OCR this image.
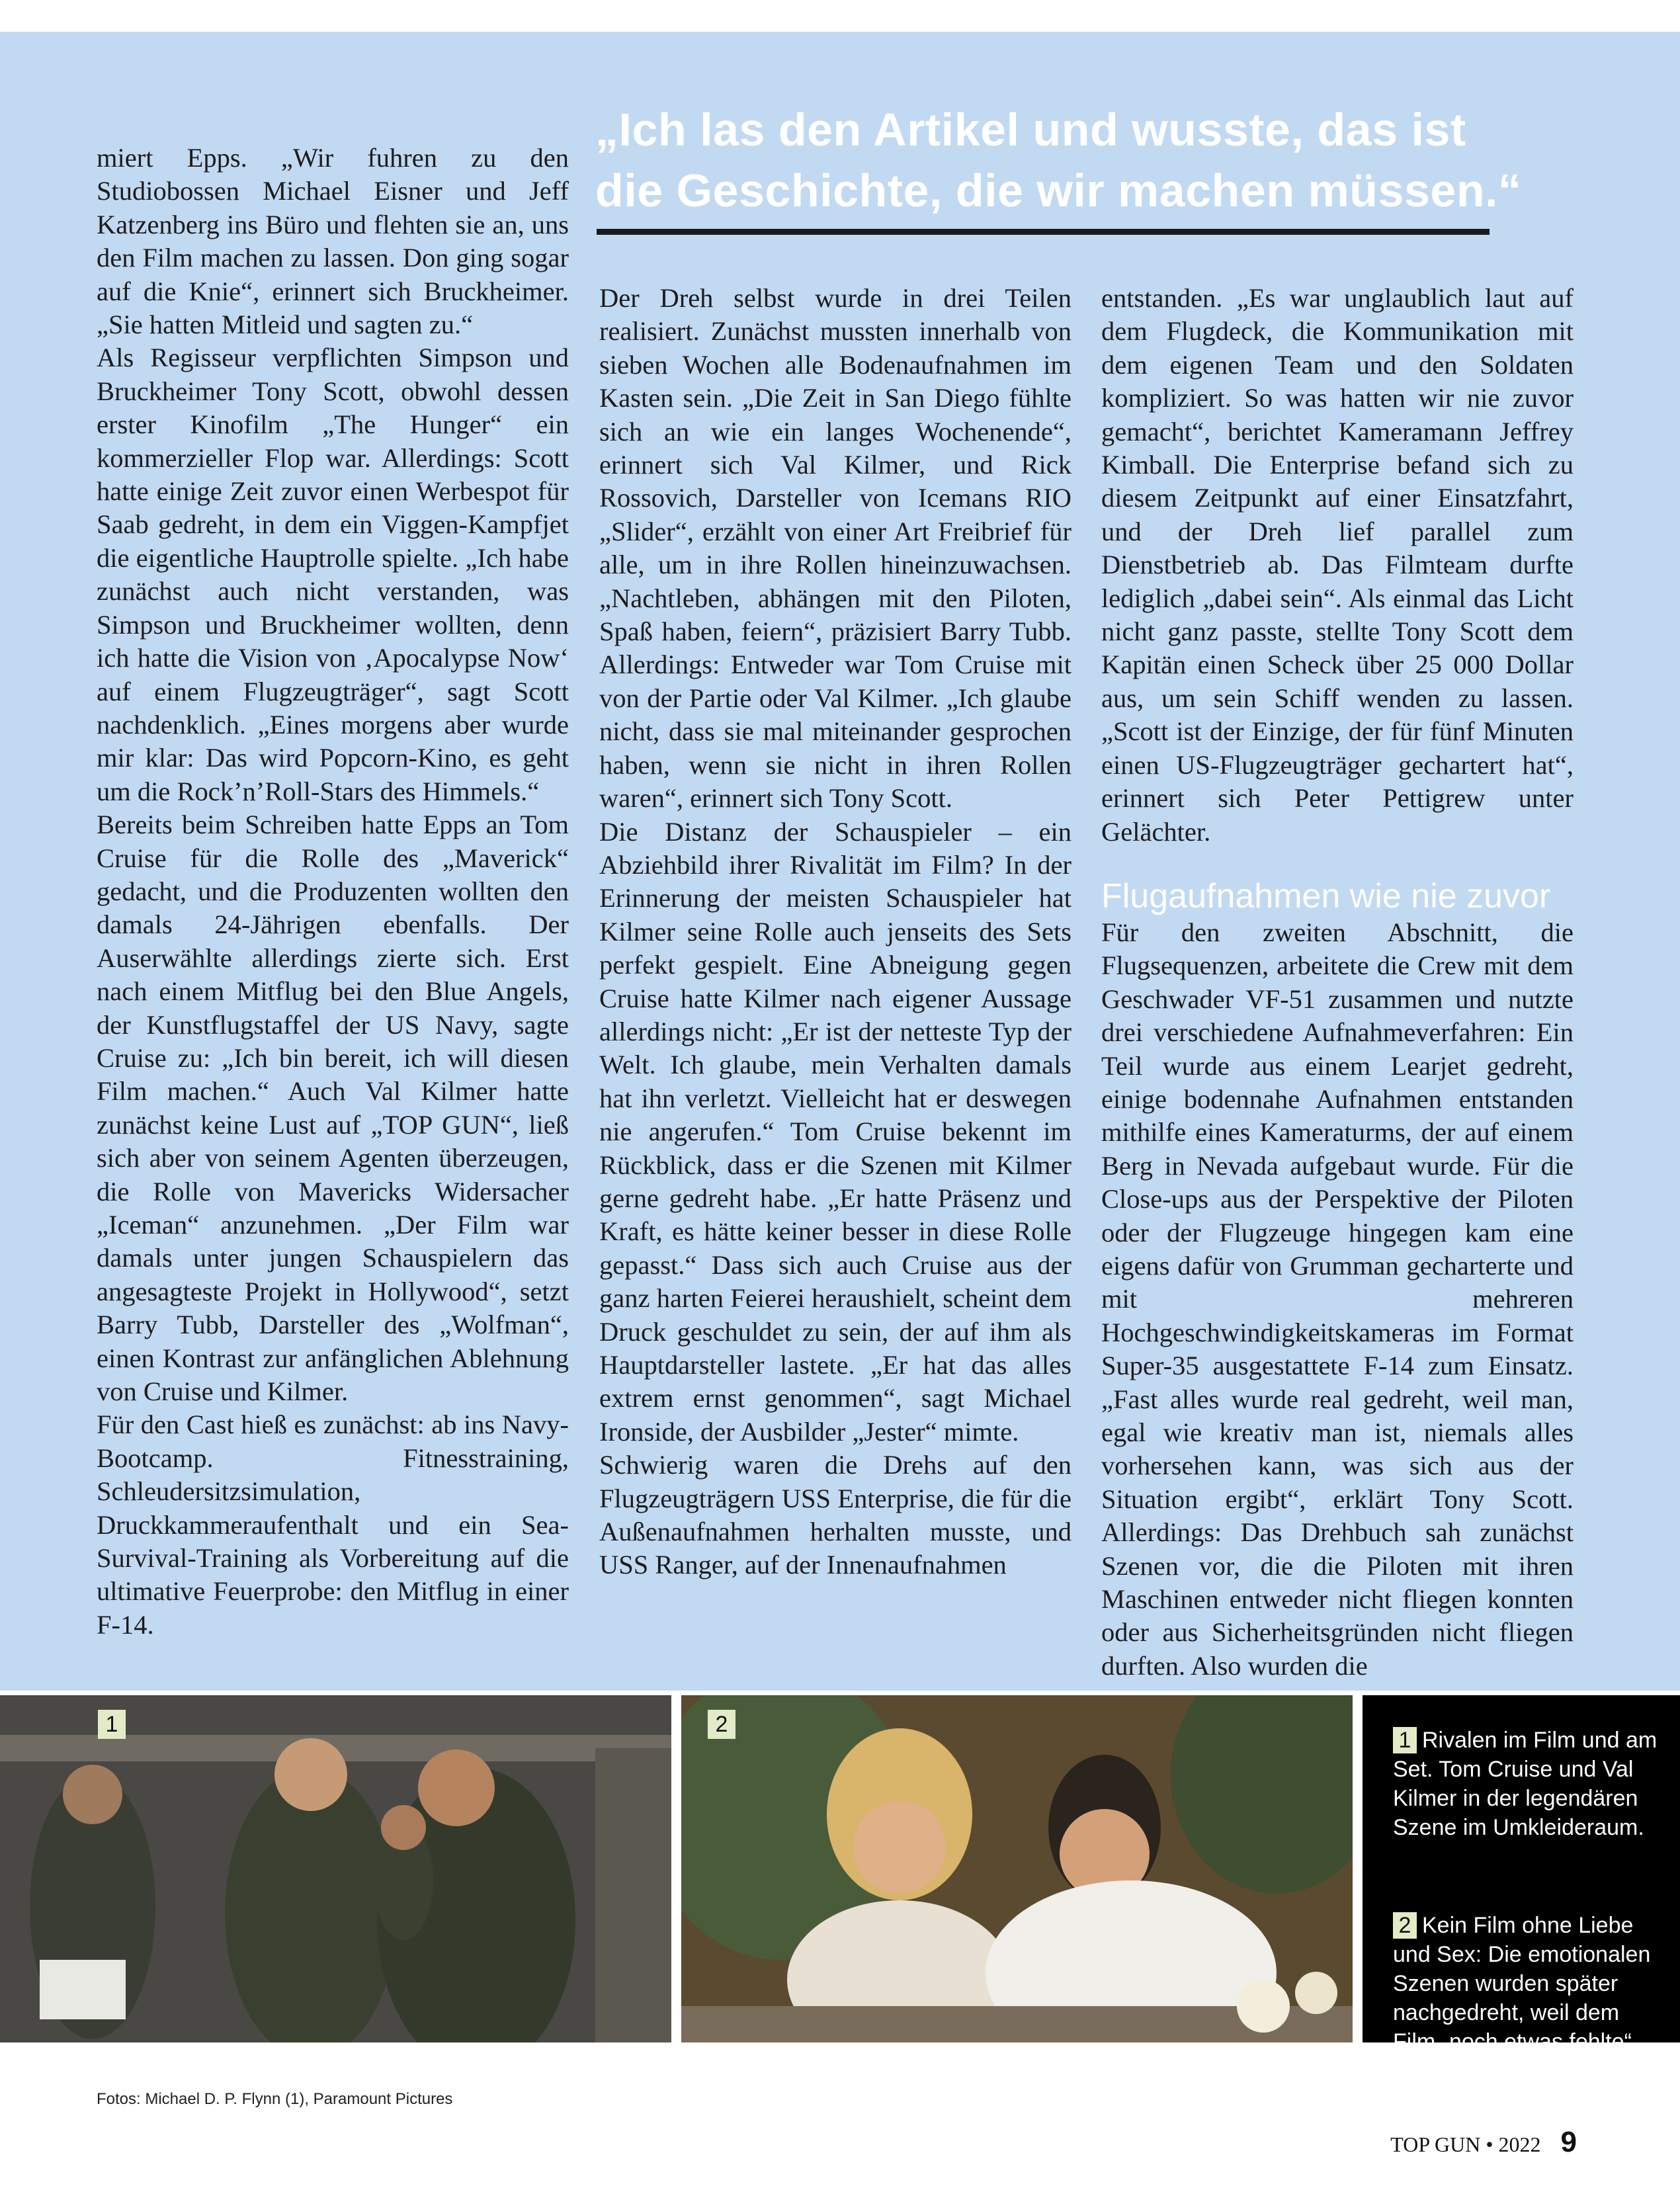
„Ich las den Artikel und wusste, das ist
die Geschichte, die wir machen müssen.“

miert Epps. „Wir fuhren zu den Studiobossen Michael Eisner und Jeff Katzenberg ins Büro und flehten sie an, uns den Film machen zu lassen. Don ging sogar auf die Knie“, erinnert sich Bruckheimer. „Sie hatten Mitleid und sagten zu.“

Als Regisseur verpflichten Simpson und Bruckheimer Tony Scott, obwohl dessen erster Kinofilm „The Hunger“ ein kommerzieller Flop war. Allerdings: Scott hatte einige Zeit zuvor einen Werbespot für Saab gedreht, in dem ein Viggen-Kampfjet die eigentliche Hauptrolle spielte. „Ich habe zunächst auch nicht verstanden, was Simpson und Bruckheimer wollten, denn ich hatte die Vision von ‚Apocalypse Now‘ auf einem Flugzeugträger“, sagt Scott nachdenklich. „Eines morgens aber wurde mir klar: Das wird Popcorn-Kino, es geht um die Rock’n’Roll-Stars des Himmels.“

Bereits beim Schreiben hatte Epps an Tom Cruise für die Rolle des „Maverick“ gedacht, und die Produzenten wollten den damals 24-Jährigen ebenfalls. Der Auserwählte allerdings zierte sich. Erst nach einem Mitflug bei den Blue Angels, der Kunstflugstaffel der US Navy, sagte Cruise zu: „Ich bin bereit, ich will diesen Film machen.“ Auch Val Kilmer hatte zunächst keine Lust auf „TOP GUN“, ließ sich aber von seinem Agenten überzeugen, die Rolle von Mavericks Widersacher „Iceman“ anzunehmen. „Der Film war damals unter jungen Schauspielern das angesagteste Projekt in Hollywood“, setzt Barry Tubb, Darsteller des „Wolfman“, einen Kontrast zur anfänglichen Ablehnung von Cruise und Kilmer.

Für den Cast hieß es zunächst: ab ins Navy-Bootcamp. Fitnesstraining, Schleudersitzsimulation, Druckkammeraufenthalt und ein Sea-Survival-Training als Vorbereitung auf die ultimative Feuerprobe: den Mitflug in einer F-14.

Der Dreh selbst wurde in drei Teilen realisiert. Zunächst mussten innerhalb von sieben Wochen alle Bodenaufnahmen im Kasten sein. „Die Zeit in San Diego fühlte sich an wie ein langes Wochenende“, erinnert sich Val Kilmer, und Rick Rossovich, Darsteller von Icemans RIO „Slider“, erzählt von einer Art Freibrief für alle, um in ihre Rollen hineinzuwachsen. „Nachtleben, abhängen mit den Piloten, Spaß haben, feiern“, präzisiert Barry Tubb. Allerdings: Entweder war Tom Cruise mit von der Partie oder Val Kilmer. „Ich glaube nicht, dass sie mal miteinander gesprochen haben, wenn sie nicht in ihren Rollen waren“, erinnert sich Tony Scott.

Die Distanz der Schauspieler – ein Abziehbild ihrer Rivalität im Film? In der Erinnerung der meisten Schauspieler hat Kilmer seine Rolle auch jenseits des Sets perfekt gespielt. Eine Abneigung gegen Cruise hatte Kilmer nach eigener Aussage allerdings nicht: „Er ist der netteste Typ der Welt. Ich glaube, mein Verhalten damals hat ihn verletzt. Vielleicht hat er deswegen nie angerufen.“ Tom Cruise bekennt im Rückblick, dass er die Szenen mit Kilmer gerne gedreht habe. „Er hatte Präsenz und Kraft, es hätte keiner besser in diese Rolle gepasst.“ Dass sich auch Cruise aus der ganz harten Feierei heraushielt, scheint dem Druck geschuldet zu sein, der auf ihm als Hauptdarsteller lastete. „Er hat das alles extrem ernst genommen“, sagt Michael Ironside, der Ausbilder „Jester“ mimte.

Schwierig waren die Drehs auf den Flugzeugträgern USS Enterprise, die für die Außenaufnahmen herhalten musste, und USS Ranger, auf der Innenaufnahmen

entstanden. „Es war unglaublich laut auf dem Flugdeck, die Kommunikation mit dem eigenen Team und den Soldaten kompliziert. So was hatten wir nie zuvor gemacht“, berichtet Kameramann Jeffrey Kimball. Die Enterprise befand sich zu diesem Zeitpunkt auf einer Einsatzfahrt, und der Dreh lief parallel zum Dienstbetrieb ab. Das Filmteam durfte lediglich „dabei sein“. Als einmal das Licht nicht ganz passte, stellte Tony Scott dem Kapitän einen Scheck über 25 000 Dollar aus, um sein Schiff wenden zu lassen. „Scott ist der Einzige, der für fünf Minuten einen US-Flugzeugträger gechartert hat“, erinnert sich Peter Pettigrew unter Gelächter.

Flugaufnahmen wie nie zuvor

Für den zweiten Abschnitt, die Flugsequenzen, arbeitete die Crew mit dem Geschwader VF-51 zusammen und nutzte drei verschiedene Aufnahmeverfahren: Ein Teil wurde aus einem Learjet gedreht, einige bodennahe Aufnahmen entstanden mithilfe eines Kameraturms, der auf einem Berg in Nevada aufgebaut wurde. Für die Close-ups aus der Perspektive der Piloten oder der Flugzeuge hingegen kam eine eigens dafür von Grumman gecharterte und mit mehreren Hochgeschwindigkeitskameras im Format Super-35 ausgestattete F-14 zum Einsatz. „Fast alles wurde real gedreht, weil man, egal wie kreativ man ist, niemals alles vorhersehen kann, was sich aus der Situation ergibt“, erklärt Tony Scott. Allerdings: Das Drehbuch sah zunächst Szenen vor, die die Piloten mit ihren Maschinen entweder nicht fliegen konnten oder aus Sicherheitsgründen nicht fliegen durften. Also wurden die

1	2
1 Rivalen im Film und am Set. Tom Cruise und Val Kilmer in der legendären Szene im Umkleideraum.
2 Kein Film ohne Liebe und Sex: Die emotionalen Szenen wurden später nachgedreht, weil dem Film „noch etwas fehlte“.
Fotos: Michael D. P. Flynn (1), Paramount Pictures
TOP GUN • 2022 9
